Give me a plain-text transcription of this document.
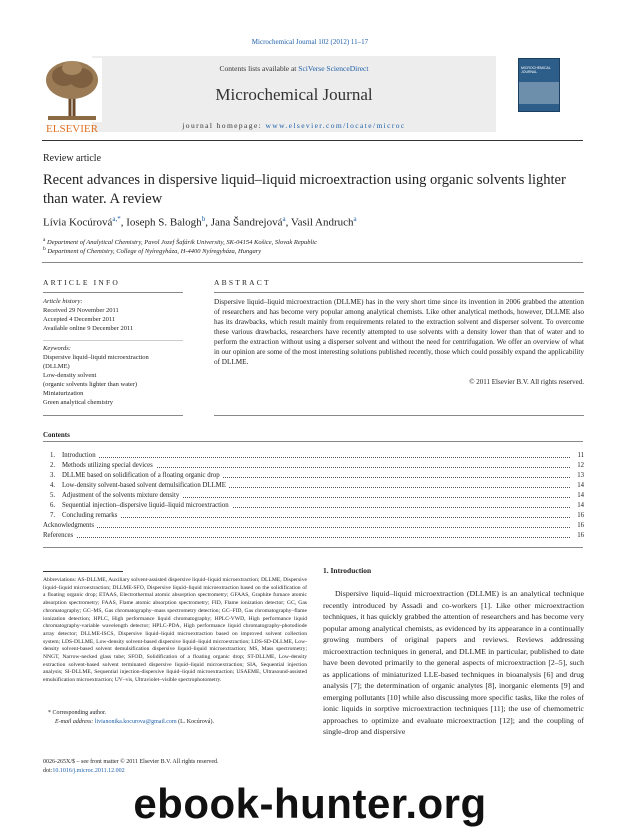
Microchemical Journal 102 (2012) 11–17
Contents lists available at SciVerse ScienceDirect
Microchemical Journal
journal homepage: www.elsevier.com/locate/microc
ELSEVIER
MICROCHEMICAL JOURNAL
Review article
Recent advances in dispersive liquid–liquid microextraction using organic solvents lighter than water. A review
Lívia Kocúrová$^{a,*}$, Ioseph S. Balogh$^b$, Jana Šandrejová$^a$, Vasil Andruch$^a$
$^a$ Department of Analytical Chemistry, Pavol Jozef Šafárik University, SK-04154 Košice, Slovak Republic
$^b$ Department of Chemistry, College of Nyíregyháza, H-4400 Nyíregyháza, Hungary
ARTICLE INFO
Article history:
Received 29 November 2011
Accepted 4 December 2011
Available online 9 December 2011
Keywords:
Dispersive liquid–liquid microextraction
(DLLME)
Low-density solvent
(organic solvents lighter than water)
Miniaturization
Green analytical chemistry
ABSTRACT
Dispersive liquid–liquid microextraction (DLLME) has in the very short time since its invention in 2006 grabbed the attention of researchers and has become very popular among analytical chemists. Like other analytical methods, however, DLLME also has its drawbacks, which result mainly from requirements related to the extraction solvent and disperser solvent. To overcome these various drawbacks, researchers have recently attempted to use solvents with a density lower than that of water and to perform the extraction without using a disperser solvent and without the need for centrifugation. We offer an overview of what in our opinion are some of the most interesting solutions published recently, those which could possibly expand the applicability of DLLME.
© 2011 Elsevier B.V. All rights reserved.
Contents
1. Introduction	11
2. Methods utilizing special devices	12
3. DLLME based on solidification of a floating organic drop	13
4. Low-density solvent-based solvent demulsification DLLME	14
5. Adjustment of the solvents mixture density	14
6. Sequential injection–dispersive liquid–liquid microextraction	14
7. Concluding remarks	16
Acknowledgments	16
References	16
Abbreviations: AS-DLLME, Auxiliary solvent-assisted dispersive liquid–liquid microextraction; DLLME, Dispersive liquid–liquid microextraction; DLLME-SFO, Dispersive liquid–liquid microextraction based on the solidification of a floating organic drop; ETAAS, Electrothermal atomic absorption spectrometry; GFAAS, Graphite furnace atomic absorption spectrometry; FAAS, Flame atomic absorption spectrometry; FID, Flame ionization detector; GC, Gas chromatography; GC–MS, Gas chromatography–mass spectrometry detection; GC–FID, Gas chromatography–flame ionization detection; HPLC, High performance liquid chromatography; HPLC-VWD, High performance liquid chromatography-variable wavelength detector; HPLC-PDA, High performance liquid chromatography-photodiode array detector; DLLME-ISCS, Dispersive liquid–liquid microextraction based on improved solvent collection system; LDS-DLLME, Low-density solvent-based dispersive liquid–liquid microextraction; LDS-SD-DLLME, Low-density solvent-based solvent demulsification dispersive liquid–liquid microextraction; MS, Mass spectrometry; NNGT, Narrow-necked glass tube; SFOD, Solidification of a floating organic drop; ST-DLLME, Low-density extraction solvent-based solvent terminated dispersive liquid–liquid microextraction; SIA, Sequential injection analysis; SI-DLLME, Sequential injection-dispersive liquid–liquid microextraction; USAEME, Ultrasound-assisted emulsification microextraction; UV–vis, Ultraviolet–visible spectrophotometry.
* Corresponding author.
E-mail address: livianonika.kocurova@gmail.com (L. Kocúrová).
0026-265X/$ – see front matter © 2011 Elsevier B.V. All rights reserved.
doi:10.1016/j.microc.2011.12.002
1. Introduction
Dispersive liquid–liquid microextraction (DLLME) is an analytical technique recently introduced by Assadi and co-workers [1]. Like other microextraction techniques, it has quickly grabbed the attention of researchers and has become very popular among analytical chemists, as evidenced by its appearance in a continually growing numbers of original papers and reviews. Reviews addressing microextraction techniques in general, and DLLME in particular, published to date have been devoted primarily to the general aspects of microextraction [2–5], such as applications of miniaturized LLE-based techniques in bioanalysis [6] and drug analysis [7]; the determination of organic analytes [8], inorganic elements [9] and emerging pollutants [10] while also discussing more specific tasks, like the roles of ionic liquids in sorptive microextraction techniques [11]; the use of chemometric approaches to optimize and evaluate microextraction [12]; and the coupling of single-drop and dispersive
ebook-hunter.org
